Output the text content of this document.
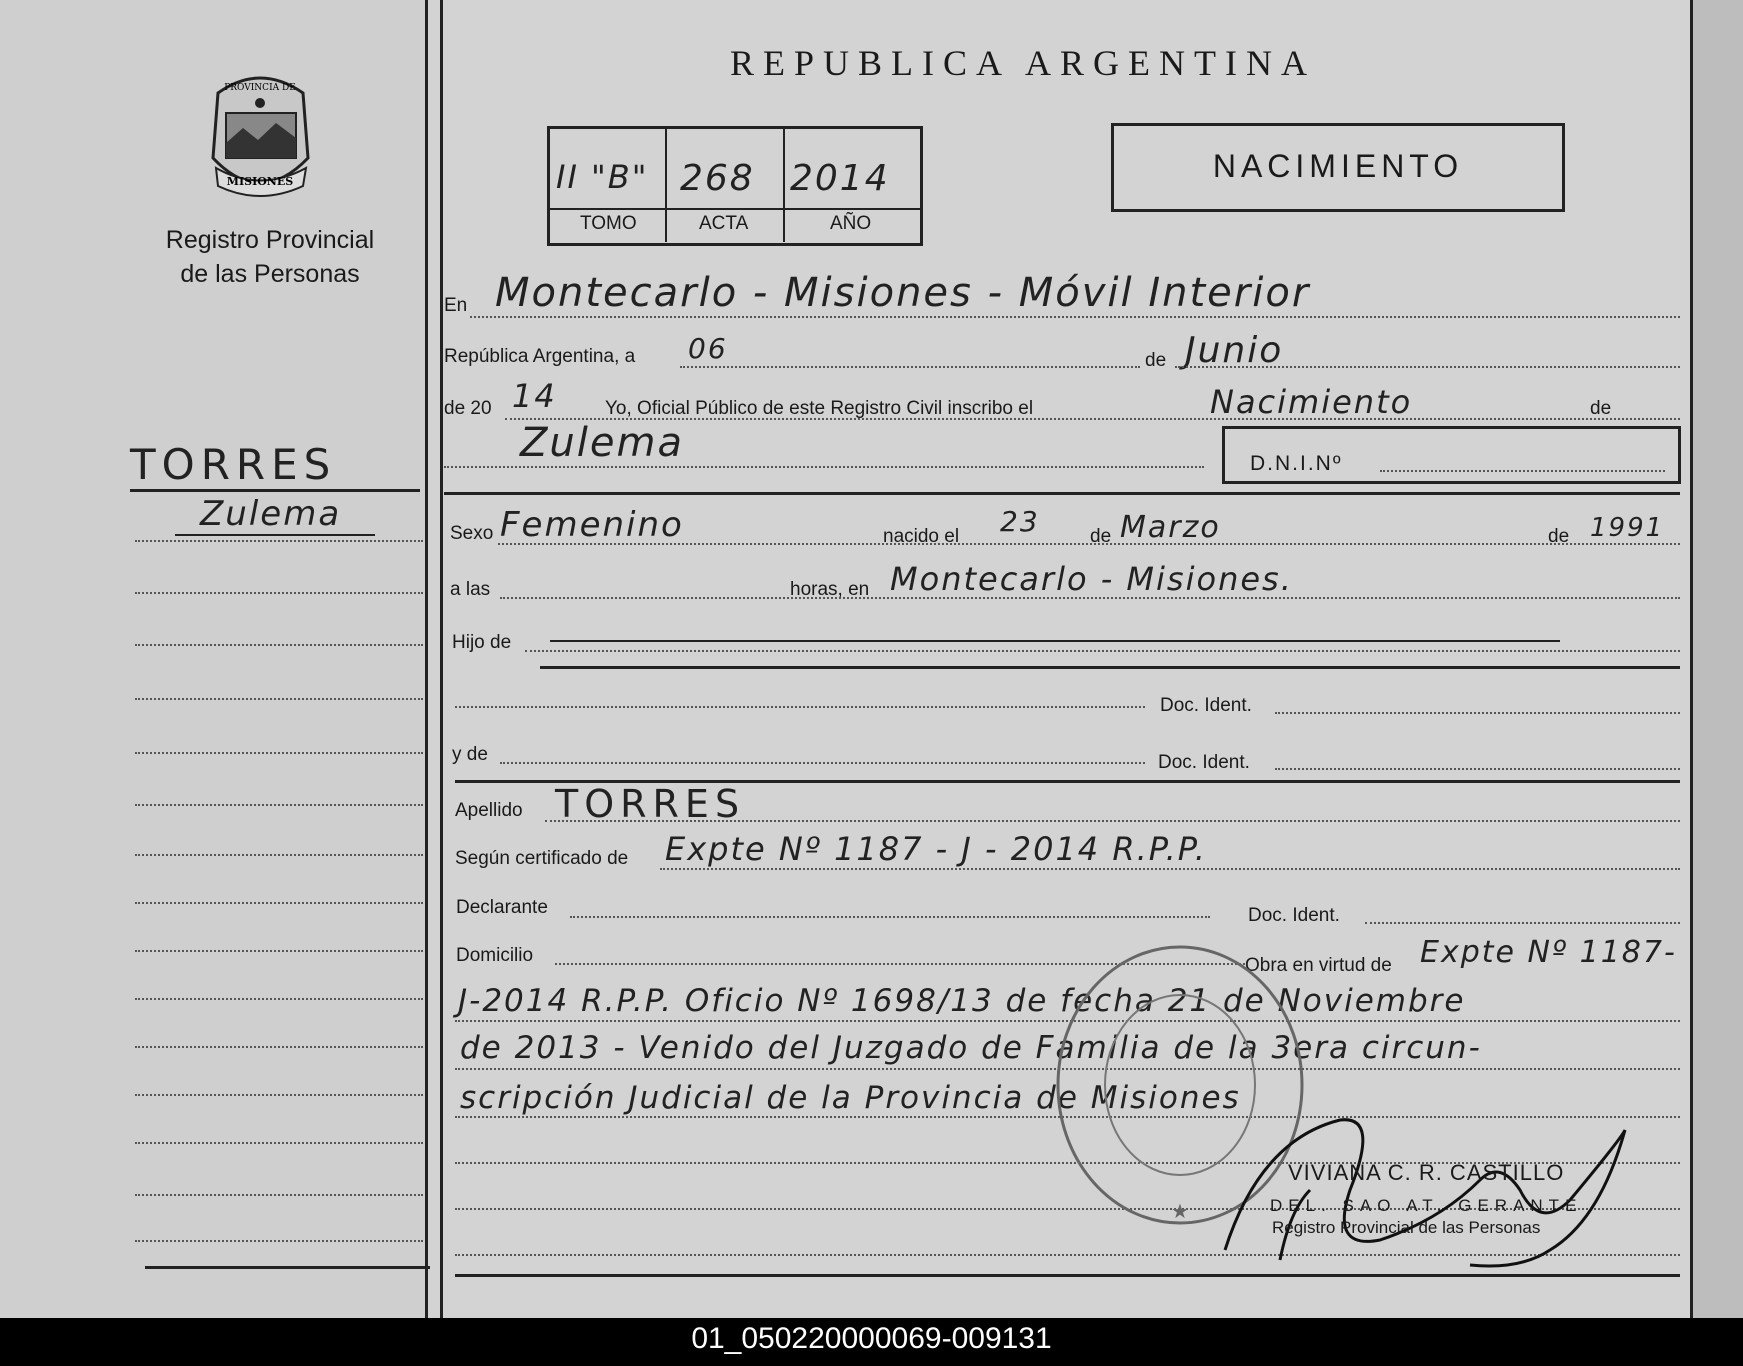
MISIONES
PROVINCIA DE
Registro Provincial
de las Personas
TORRES
Zulema
REPUBLICA ARGENTINA
II "B" 268 2014
TOMO	ACTA	AÑO
NACIMIENTO
En Montecarlo - Misiones - Móvil Interior
República Argentina, a 06	de Junio
de 20 14	Yo, Oficial Público de este Registro Civil inscribo el	Nacimiento	de
Zulema	D.N.I.Nº
Sexo Femenino	nacido el 23	de Marzo	de 1991
a las	horas, en Montecarlo - Misiones.
Hijo de
Doc. Ident.
y de	Doc. Ident.
Apellido TORRES
Según certificado de Expte Nº 1187 - J - 2014 R.P.P.
Declarante	Doc. Ident.
Domicilio	Obra en virtud de Expte Nº 1187-
J-2014 R.P.P. Oficio Nº 1698/13 de fecha 21 de Noviembre
de 2013 - Venido del Juzgado de Familia de la 3era circun-
scripción Judicial de la Provincia de Misiones
★
VIVIANA C. R. CASTILLO
DEL. SAO AT. GERANTE
Registro Provincial de las Personas
01_050220000069-009131
